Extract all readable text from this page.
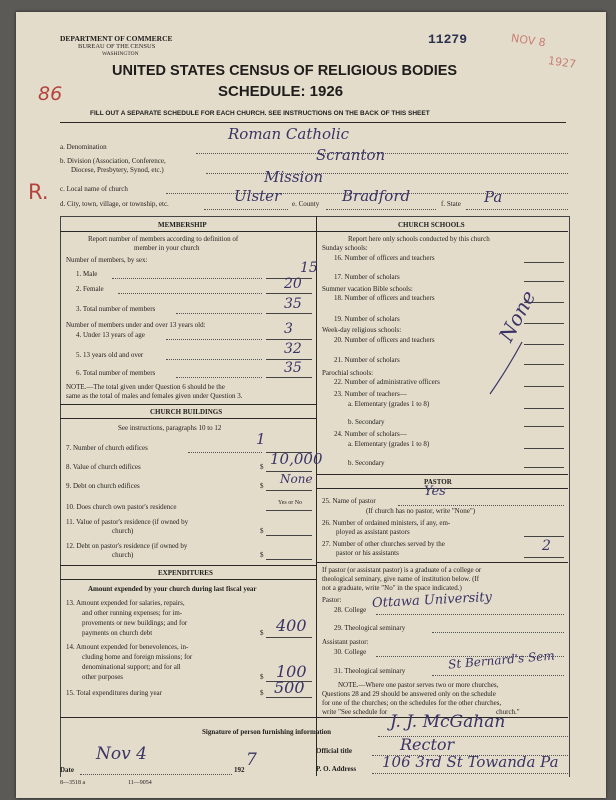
DEPARTMENT OF COMMERCE
BUREAU OF THE CENSUS
WASHINGTON
11279	NOV 8
1927
UNITED STATES CENSUS OF RELIGIOUS BODIES
SCHEDULE: 1926
86
FILL OUT A SEPARATE SCHEDULE FOR EACH CHURCH. SEE INSTRUCTIONS ON THE BACK OF THIS SHEET
R.
a. Denomination
Roman Catholic
b. Division (Association, Conference,
Diocese, Presbytery, Synod, etc.)
Scranton
c. Local name of church
Mission
d. City, town, village, or township, etc.	Ulster e. County Bradford	f. State Pa
MEMBERSHIP
Report number of members according to definition of
member in your church
Number of members, by sex:
1. Male	15
2. Female	20
3. Total number of members	35
Number of members under and over 13 years old:
4. Under 13 years of age	3
5. 13 years old and over	32
6. Total number of members	35
NOTE.—The total given under Question 6 should be the
same as the total of males and females given under Question 3.
CHURCH BUILDINGS
See instructions, paragraphs 10 to 12
7. Number of church edifices	1
8. Value of church edifices	$ 10,000
9. Debt on church edifices	$ None
10. Does church own pastor's residence	Yes or No
11. Value of pastor's residence (if owned by
church)	$
12. Debt on pastor's residence (if owned by
church)	$
EXPENDITURES
Amount expended by your church during last fiscal year
13. Amount expended for salaries, repairs,
and other running expenses; for im-
provements or new buildings; and for
payments on church debt	$ 400
14. Amount expended for benevolences, in-
cluding home and foreign missions; for
denominational support; and for all
other purposes	$ 100
15. Total expenditures during year	$ 500
CHURCH SCHOOLS
Report here only schools conducted by this church
Sunday schools:
16. Number of officers and teachers
17. Number of scholars
Summer vacation Bible schools:
18. Number of officers and teachers
19. Number of scholars
Week-day religious schools:
20. Number of officers and teachers
21. Number of scholars
Parochial schools:
22. Number of administrative officers
23. Number of teachers—
a. Elementary (grades 1 to 8)
b. Secondary
24. Number of scholars—
a. Elementary (grades 1 to 8)
b. Secondary
None
PASTOR
25. Name of pastor
Yes
(If church has no pastor, write "None")
26. Number of ordained ministers, if any, em-
ployed as assistant pastors
27. Number of other churches served by the
pastor or his assistants	2
If pastor (or assistant pastor) is a graduate of a college or
theological seminary, give name of institution below. (If
not a graduate, write "No" in the space indicated.)
Pastor:
28. College Ottawa University
29. Theological seminary
Assistant pastor:
30. College
31. Theological seminary	St Bernard's Sem
NOTE.—Where one pastor serves two or more churches,
Questions 28 and 29 should be answered only on the schedule
for one of the churches; on the schedules for the other churches,
write "See schedule for	church."
Signature of person furnishing information	J. J. McGahan
Official title	Rector
Date
Nov 4
192 7	P. O. Address 106 3rd St Towanda Pa
8—3518 a	11—9054
